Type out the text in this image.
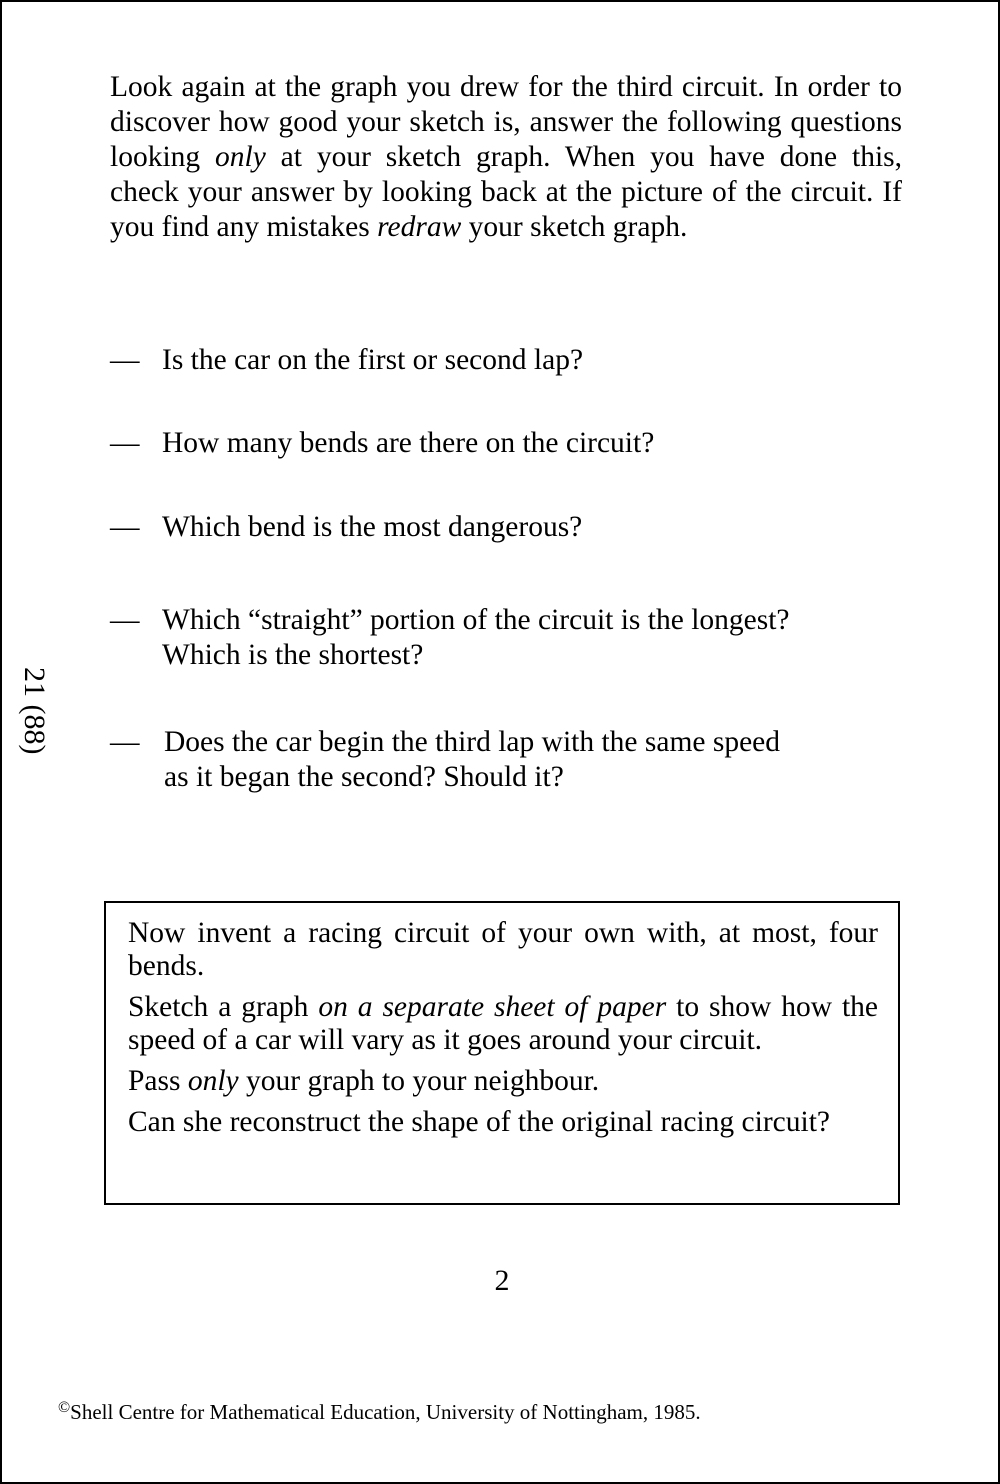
Look again at the graph you drew for the third circuit. In order to discover how good your sketch is, answer the following questions looking only at your sketch graph. When you have done this, check your answer by looking back at the picture of the circuit. If you find any mistakes redraw your sketch graph.

— Is the car on the first or second lap?
— How many bends are there on the circuit?
— Which bend is the most dangerous?
— Which “straight” portion of the circuit is the longest?
Which is the shortest?
— Does the car begin the third lap with the same speed
as it began the second? Should it?
21 (88)

Now invent a racing circuit of your own with, at most, four bends.

Sketch a graph on a separate sheet of paper to show how the speed of a car will vary as it goes around your circuit.

Pass only your graph to your neighbour.

Can she reconstruct the shape of the original racing circuit?

2
©Shell Centre for Mathematical Education, University of Nottingham, 1985.
